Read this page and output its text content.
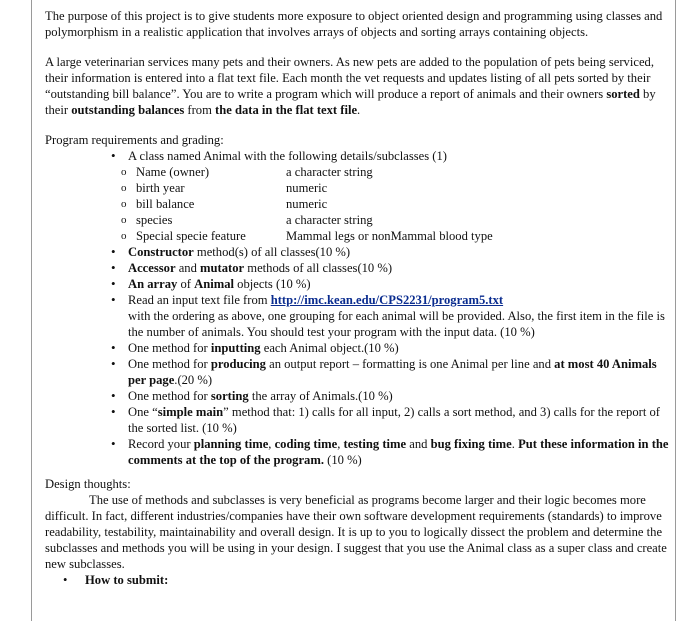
The purpose of this project is to give students more exposure to object oriented design and programming using classes and polymorphism in a realistic application that involves arrays of objects and sorting arrays containing objects.

A large veterinarian services many pets and their owners. As new pets are added to the population of pets being serviced, their information is entered into a flat text file. Each month the vet requests and updates listing of all pets sorted by their “outstanding bill balance”. You are to write a program which will produce a report of animals and their owners sorted by their outstanding balances from the data in the flat text file.

Program requirements and grading:

• A class named Animal with the following details/subclasses (1)
o Name (owner)	a character string
o birth year	numeric
o bill balance	numeric
o species	a character string
o Special specie feature	Mammal legs or nonMammal blood type
• Constructor method(s) of all classes(10 %)
• Accessor and mutator methods of all classes(10 %)
• An array of Animal objects (10 %)
• Read an input text file from http://imc.kean.edu/CPS2231/program5.txt
with the ordering as above, one grouping for each animal will be provided. Also, the first item in the file is the number of animals. You should test your program with the input data. (10 %)
• One method for inputting each Animal object.(10 %)
• One method for producing an output report – formatting is one Animal per line and at most 40 Animals per page.(20 %)
• One method for sorting the array of Animals.(10 %)
• One “simple main” method that: 1) calls for all input, 2) calls a sort method, and 3) calls for the report of the sorted list. (10 %)
• Record your planning time, coding time, testing time and bug fixing time. Put these information in the comments at the top of the program. (10 %)

Design thoughts:

The use of methods and subclasses is very beneficial as programs become larger and their logic becomes more difficult. In fact, different industries/companies have their own software development requirements (standards) to improve readability, testability, maintainability and overall design. It is up to you to logically dissect the problem and determine the subclasses and methods you will be using in your design. I suggest that you use the Animal class as a super class and create new subclasses.

• How to submit:
